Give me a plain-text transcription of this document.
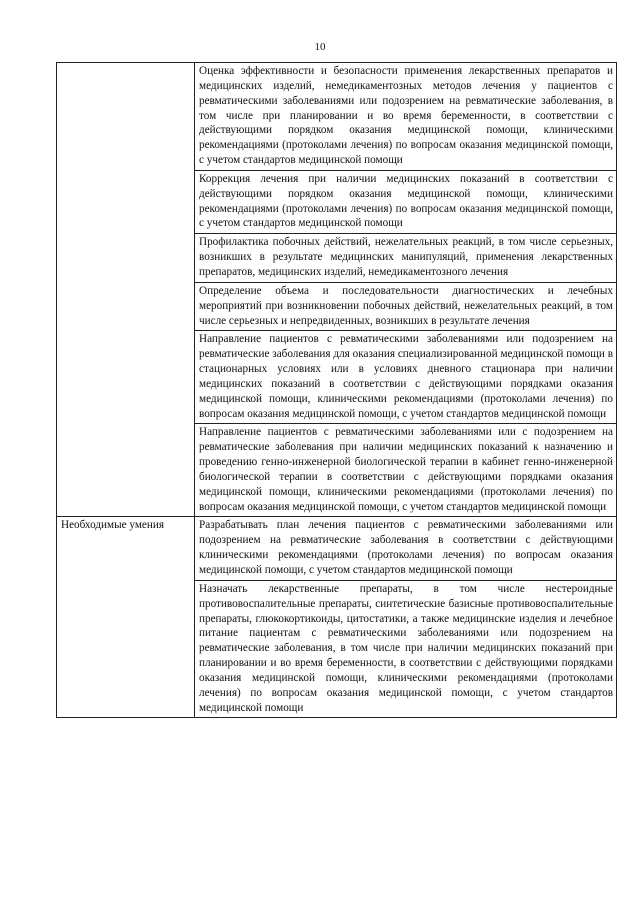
10
	Оценка эффективности и безопасности применения лекарственных препаратов и медицинских изделий, немедикаментозных методов лечения у пациентов с ревматическими заболеваниями или подозрением на ревматические заболевания, в том числе при планировании и во время беременности, в соответствии с действующими порядком оказания медицинской помощи, клиническими рекомендациями (протоколами лечения) по вопросам оказания медицинской помощи, с учетом стандартов медицинской помощи
	Коррекция лечения при наличии медицинских показаний в соответствии с действующими порядком оказания медицинской помощи, клиническими рекомендациями (протоколами лечения) по вопросам оказания медицинской помощи, с учетом стандартов медицинской помощи
	Профилактика побочных действий, нежелательных реакций, в том числе серьезных, возникших в результате медицинских манипуляций, применения лекарственных препаратов, медицинских изделий, немедикаментозного лечения
	Определение объема и последовательности диагностических и лечебных мероприятий при возникновении побочных действий, нежелательных реакций, в том числе серьезных и непредвиденных, возникших в результате лечения
	Направление пациентов с ревматическими заболеваниями или подозрением на ревматические заболевания для оказания специализированной медицинской помощи в стационарных условиях или в условиях дневного стационара при наличии медицинских показаний в соответствии с действующими порядками оказания медицинской помощи, клиническими рекомендациями (протоколами лечения) по вопросам оказания медицинской помощи, с учетом стандартов медицинской помощи
	Направление пациентов с ревматическими заболеваниями или с подозрением на ревматические заболевания при наличии медицинских показаний к назначению и проведению генно-инженерной биологической терапии в кабинет генно-инженерной биологической терапии в соответствии с действующими порядками оказания медицинской помощи, клиническими рекомендациями (протоколами лечения) по вопросам оказания медицинской помощи, с учетом стандартов медицинской помощи
Необходимые умения	Разрабатывать план лечения пациентов с ревматическими заболеваниями или подозрением на ревматические заболевания в соответствии с действующими клиническими рекомендациями (протоколами лечения) по вопросам оказания медицинской помощи, с учетом стандартов медицинской помощи
	Назначать лекарственные препараты, в том числе нестероидные противовоспалительные препараты, синтетические базисные противовоспалительные препараты, глюкокортикоиды, цитостатики, а также медицинские изделия и лечебное питание пациентам с ревматическими заболеваниями или подозрением на ревматические заболевания, в том числе при наличии медицинских показаний при планировании и во время беременности, в соответствии с действующими порядками оказания медицинской помощи, клиническими рекомендациями (протоколами лечения) по вопросам оказания медицинской помощи, с учетом стандартов медицинской помощи
